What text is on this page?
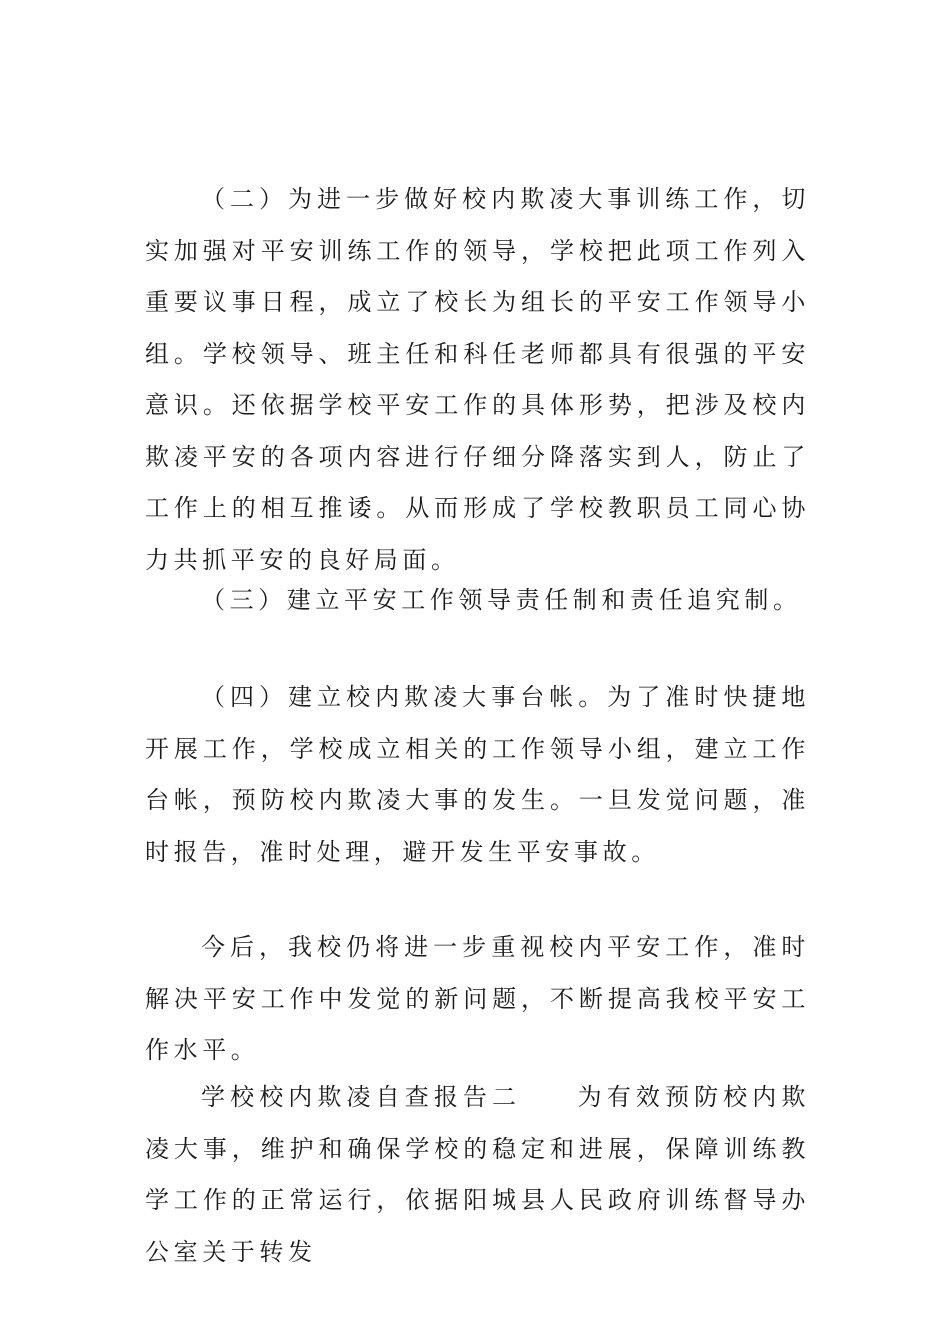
（二）为进一步做好校内欺凌大事训练工作，切实加强对平安训练工作的领导，学校把此项工作列入重要议事日程，成立了校长为组长的平安工作领导小组。学校领导、班主任和科任老师都具有很强的平安意识。还依据学校平安工作的具体形势，把涉及校内欺凌平安的各项内容进行仔细分降落实到人，防止了工作上的相互推诿。从而形成了学校教职员工同心协力共抓平安的良好局面。

（三）建立平安工作领导责任制和责任追究制。

（四）建立校内欺凌大事台帐。为了准时快捷地开展工作，学校成立相关的工作领导小组，建立工作台帐，预防校内欺凌大事的发生。一旦发觉问题，准时报告，准时处理，避开发生平安事故。

今后，我校仍将进一步重视校内平安工作，准时解决平安工作中发觉的新问题，不断提高我校平安工作水平。

学校校内欺凌自查报告二 为有效预防校内欺凌大事，维护和确保学校的稳定和进展，保障训练教学工作的正常运行，依据阳城县人民政府训练督导办公室关于转发
